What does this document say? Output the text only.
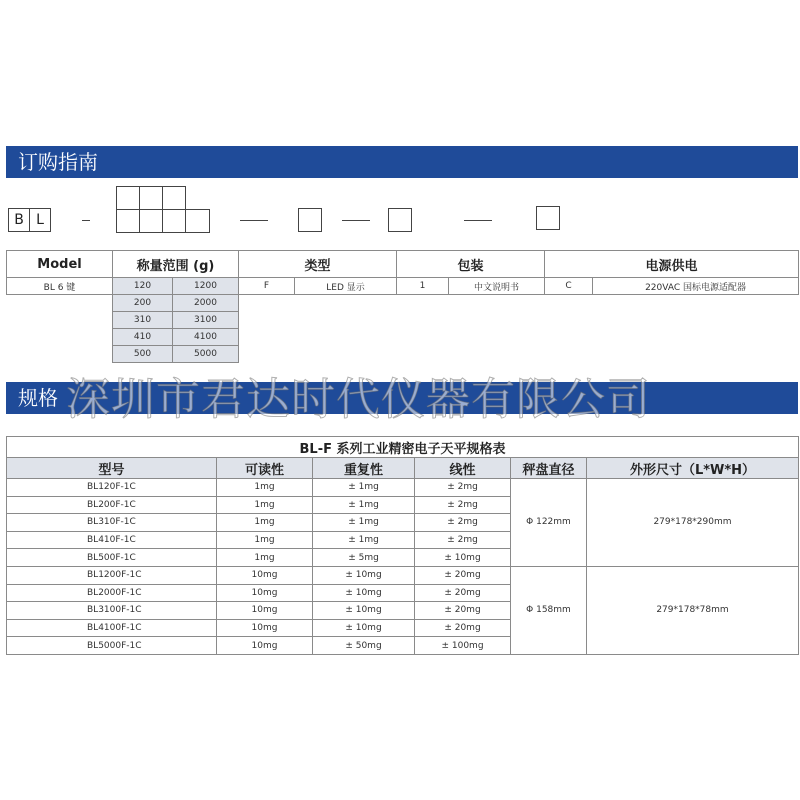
订购指南
B L
Model	称量范围 (g)		类型		包装		电源供电	
BL 6 键	120	1200	F	LED 显示	1	中文说明书	C	220VAC 国标电源适配器
	200	2000						
	310	3100						
	410	4100						
	500	5000						
规格 深圳市君达时代仪器有限公司
BL-F 系列工业精密电子天平规格表					
型号	可读性	重复性	线性	秤盘直径	外形尺寸（L*W*H）
BL120F-1C	1mg	± 1mg	± 2mg	Φ 122mm	279*178*290mm
BL200F-1C	1mg	± 1mg	± 2mg		
BL310F-1C	1mg	± 1mg	± 2mg		
BL410F-1C	1mg	± 1mg	± 2mg		
BL500F-1C	1mg	± 5mg	± 10mg		
BL1200F-1C	10mg	± 10mg	± 20mg	Φ 158mm	279*178*78mm
BL2000F-1C	10mg	± 10mg	± 20mg		
BL3100F-1C	10mg	± 10mg	± 20mg		
BL4100F-1C	10mg	± 10mg	± 20mg		
BL5000F-1C	10mg	± 50mg	± 100mg		
